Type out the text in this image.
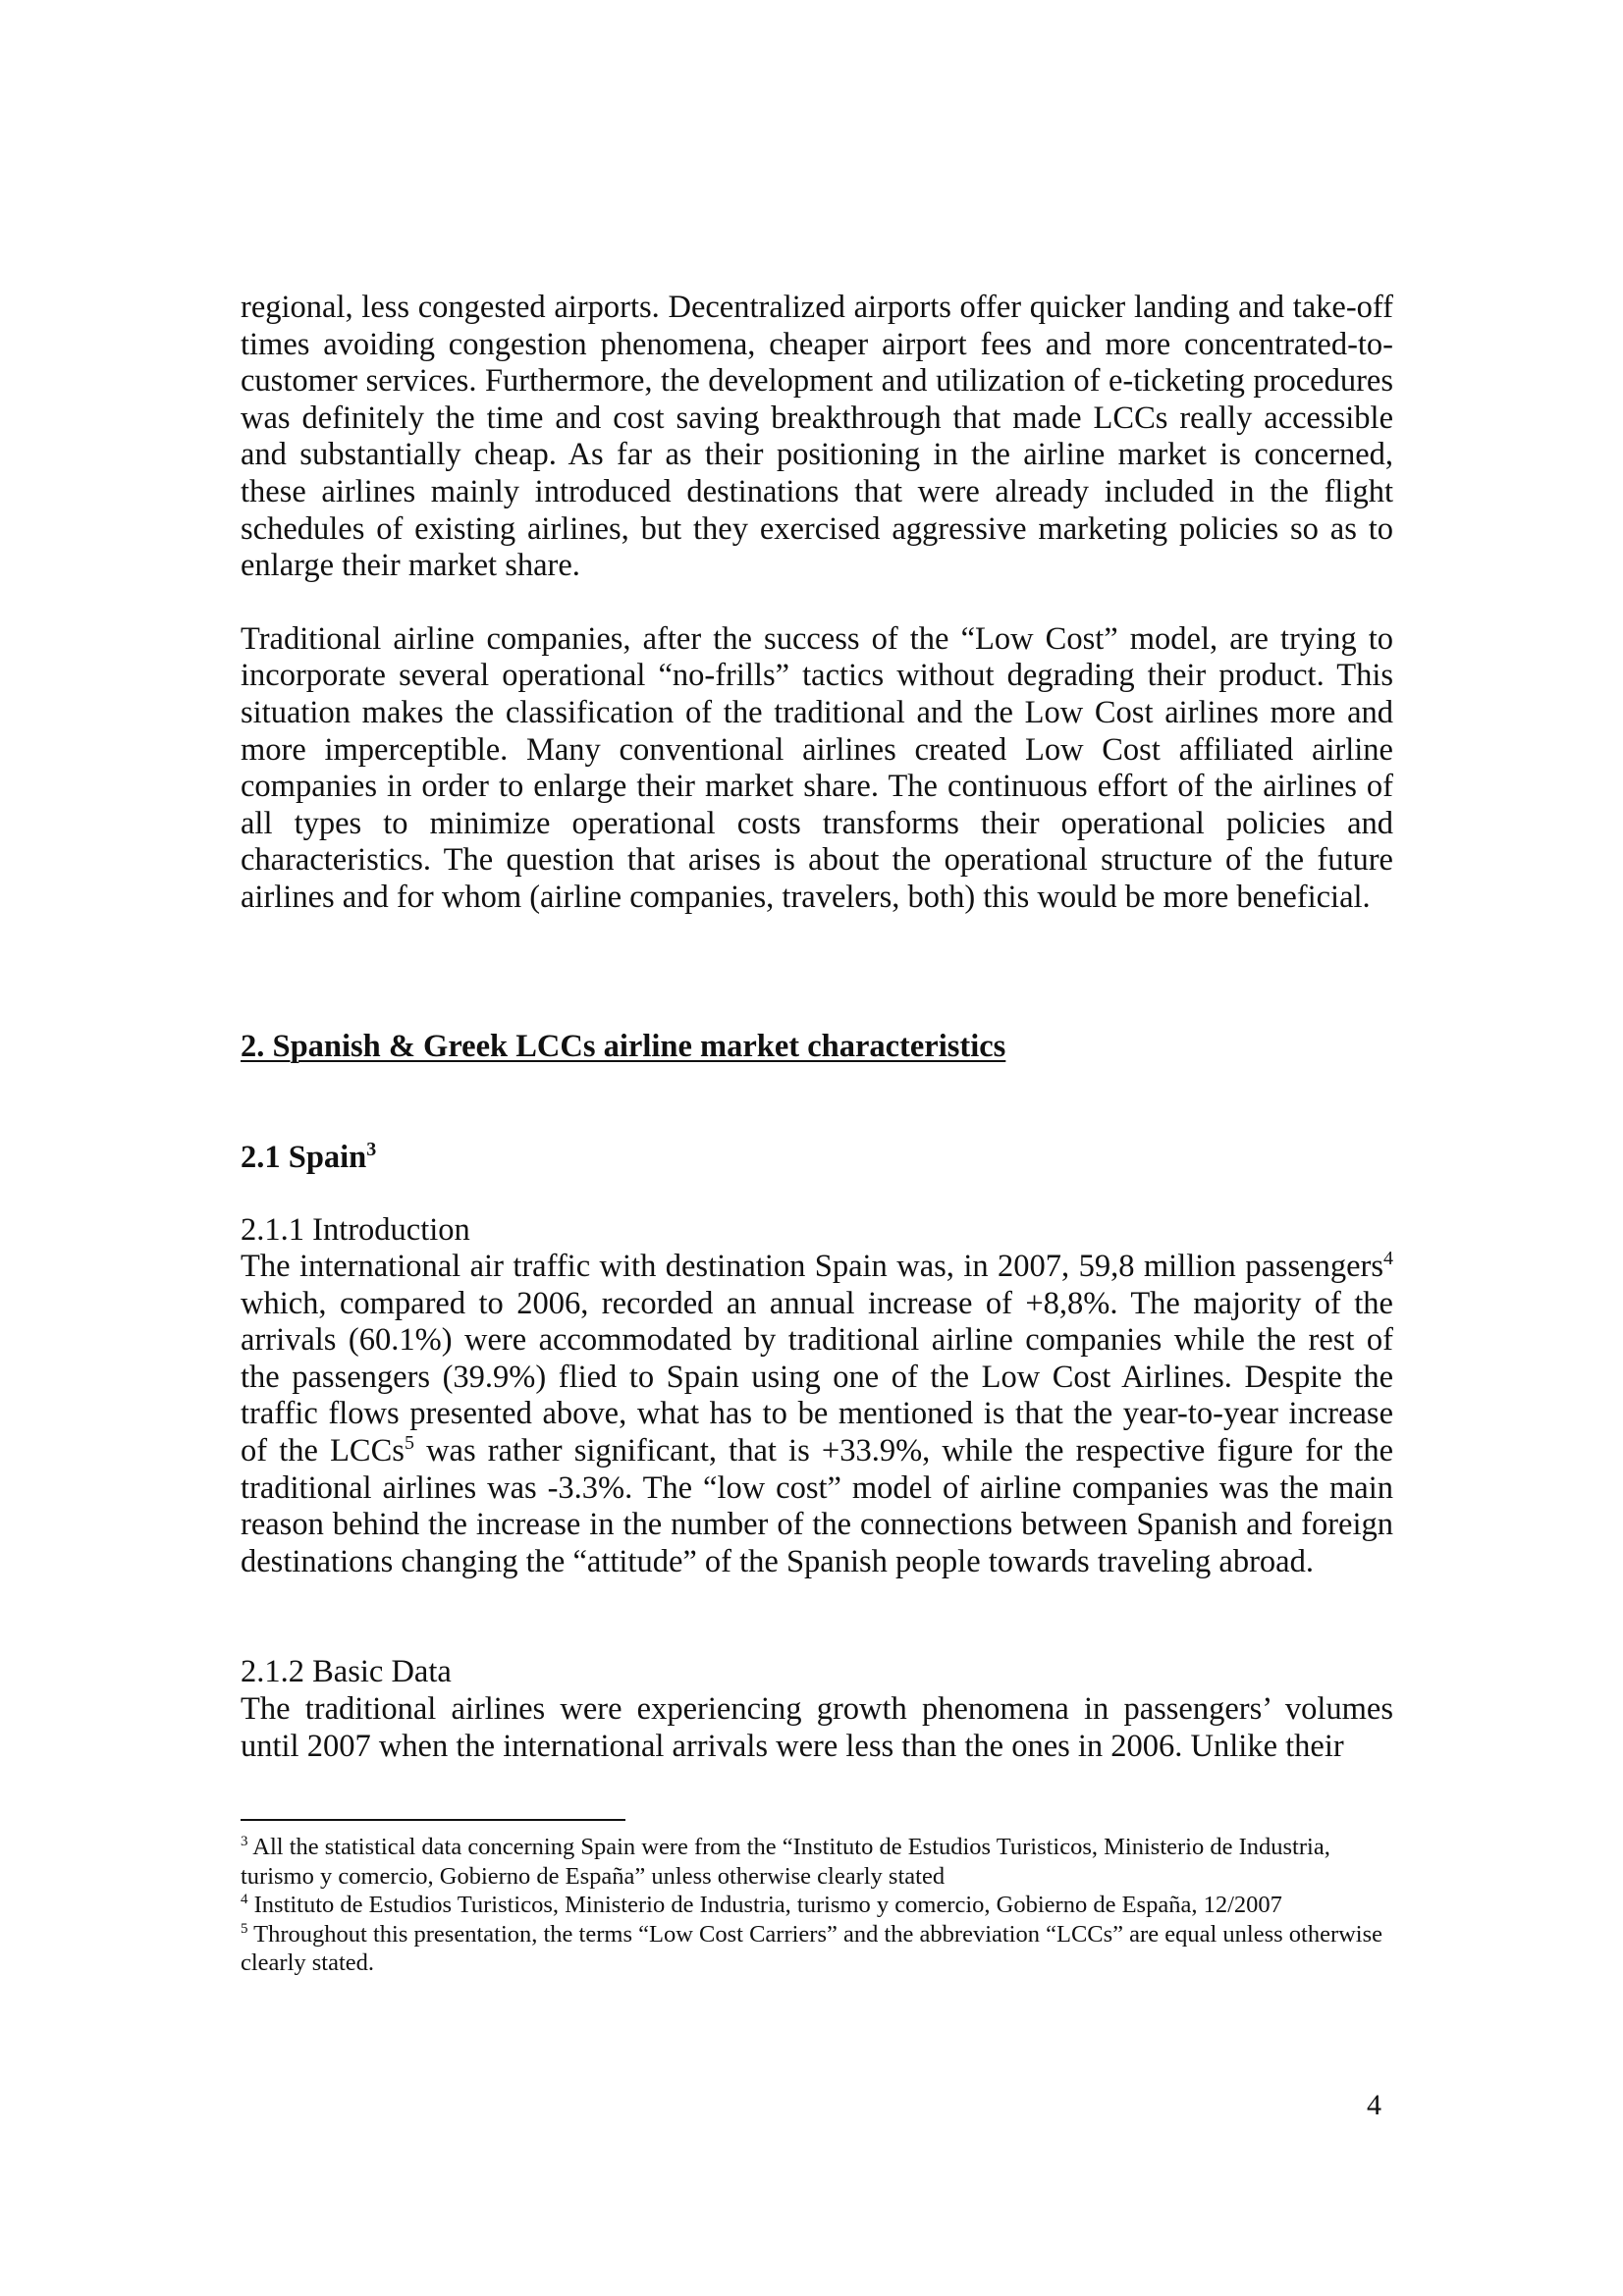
regional, less congested airports. Decentralized airports offer quicker landing and take-off times avoiding congestion phenomena, cheaper airport fees and more concentrated-to-customer services. Furthermore, the development and utilization of e-ticketing procedures was definitely the time and cost saving breakthrough that made LCCs really accessible and substantially cheap. As far as their positioning in the airline market is concerned, these airlines mainly introduced destinations that were already included in the flight schedules of existing airlines, but they exercised aggressive marketing policies so as to enlarge their market share.

Traditional airline companies, after the success of the “Low Cost” model, are trying to incorporate several operational “no-frills” tactics without degrading their product. This situation makes the classification of the traditional and the Low Cost airlines more and more imperceptible. Many conventional airlines created Low Cost affiliated airline companies in order to enlarge their market share. The continuous effort of the airlines of all types to minimize operational costs transforms their operational policies and characteristics. The question that arises is about the operational structure of the future airlines and for whom (airline companies, travelers, both) this would be more beneficial.

2. Spanish & Greek LCCs airline market characteristics

2.1 Spain$^3$

2.1.1 Introduction

The international air traffic with destination Spain was, in 2007, 59,8 million passengers$^4$ which, compared to 2006, recorded an annual increase of +8,8%. The majority of the arrivals (60.1%) were accommodated by traditional airline companies while the rest of the passengers (39.9%) flied to Spain using one of the Low Cost Airlines. Despite the traffic flows presented above, what has to be mentioned is that the year-to-year increase of the LCCs$^5$ was rather significant, that is +33.9%, while the respective figure for the traditional airlines was -3.3%. The “low cost” model of airline companies was the main reason behind the increase in the number of the connections between Spanish and foreign destinations changing the “attitude” of the Spanish people towards traveling abroad.

2.1.2 Basic Data

The traditional airlines were experiencing growth phenomena in passengers’ volumes until 2007 when the international arrivals were less than the ones in 2006. Unlike their

$^3$ All the statistical data concerning Spain were from the “Instituto de Estudios Turisticos, Ministerio de Industria, turismo y comercio, Gobierno de España” unless otherwise clearly stated

$^4$ Instituto de Estudios Turisticos, Ministerio de Industria, turismo y comercio, Gobierno de España, 12/2007

$^5$ Throughout this presentation, the terms “Low Cost Carriers” and the abbreviation “LCCs” are equal unless otherwise clearly stated.

4
